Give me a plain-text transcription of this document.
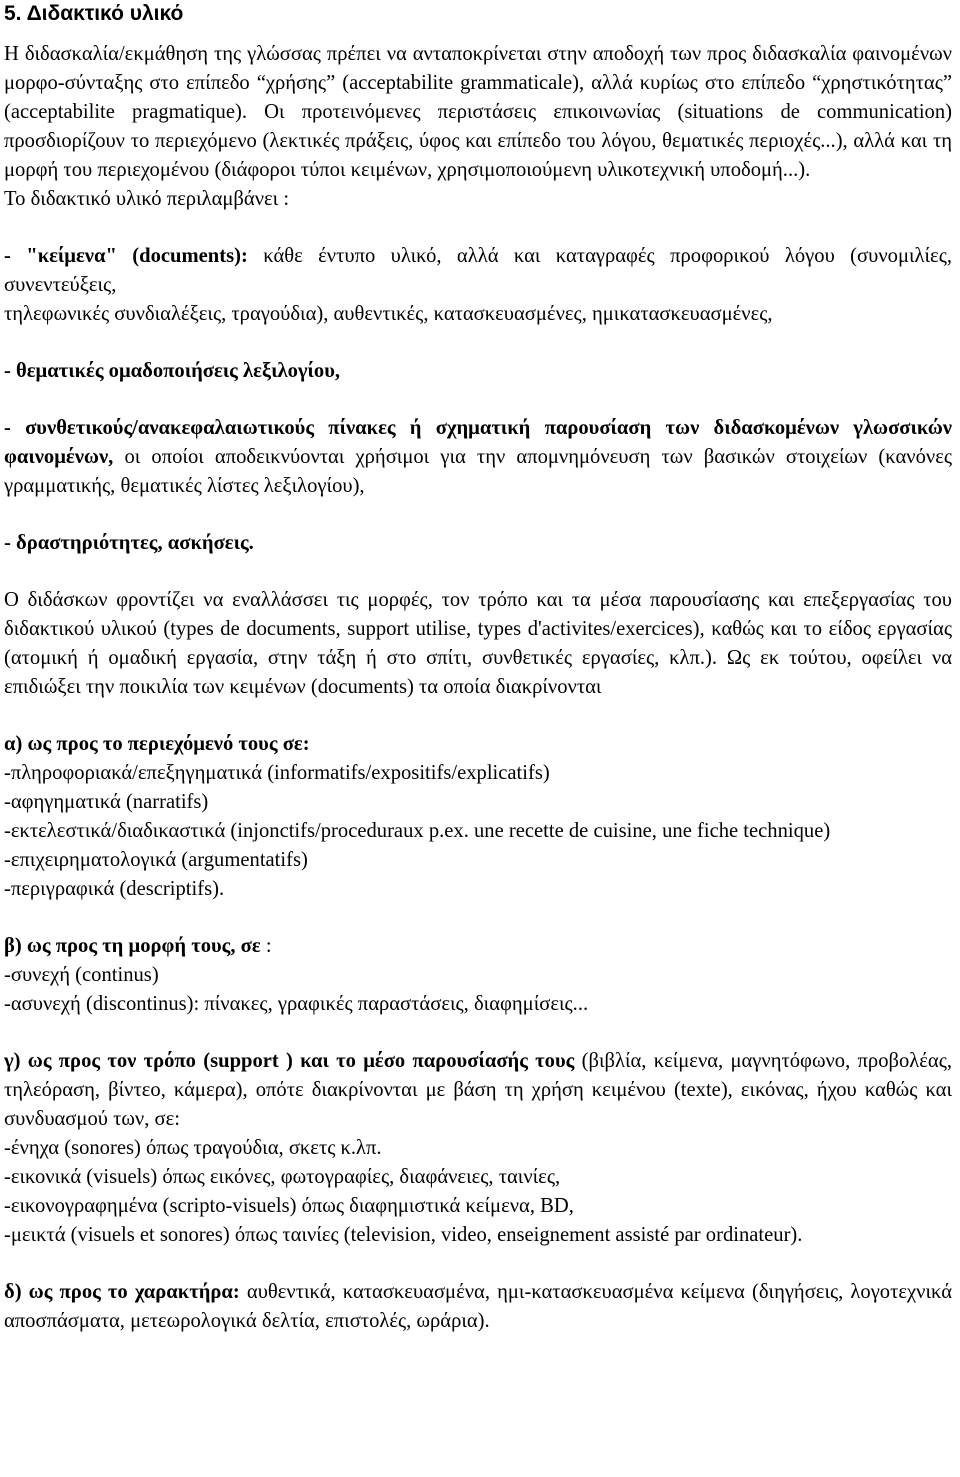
5. Διδακτικό υλικό

Η διδασκαλία/εκμάθηση της γλώσσας πρέπει να ανταποκρίνεται στην αποδοχή των προς διδασκαλία φαινομένων μορφο-σύνταξης στο επίπεδο “χρήσης” (acceptabilite grammaticale), αλλά κυρίως στο επίπεδο “χρηστικότητας” (acceptabilite pragmatique). Οι προτεινόμενες περιστάσεις επικοινωνίας (situations de communication) προσδιορίζουν το περιεχόμενο (λεκτικές πράξεις, ύφος και επίπεδο του λόγου, θεματικές περιοχές...), αλλά και τη μορφή του περιεχομένου (διάφοροι τύποι κειμένων, χρησιμοποιούμενη υλικοτεχνική υποδομή...).
Το διδακτικό υλικό περιλαμβάνει :

- "κείμενα" (documents): κάθε έντυπο υλικό, αλλά και καταγραφές προφορικού λόγου (συνομιλίες, συνεντεύξεις,
τηλεφωνικές συνδιαλέξεις, τραγούδια), αυθεντικές, κατασκευασμένες, ημικατασκευασμένες,

- θεματικές ομαδοποιήσεις λεξιλογίου,

- συνθετικούς/ανακεφαλαιωτικούς πίνακες ή σχηματική παρουσίαση των διδασκομένων γλωσσικών φαινομένων, οι οποίοι αποδεικνύονται χρήσιμοι για την απομνημόνευση των βασικών στοιχείων (κανόνες γραμματικής, θεματικές λίστες λεξιλογίου),

- δραστηριότητες, ασκήσεις.

Ο διδάσκων φροντίζει να εναλλάσσει τις μορφές, τον τρόπο και τα μέσα παρουσίασης και επεξεργασίας του διδακτικού υλικού (types de documents, support utilise, types d'activites/exercices), καθώς και το είδος εργασίας (ατομική ή ομαδική εργασία, στην τάξη ή στο σπίτι, συνθετικές εργασίες, κλπ.). Ως εκ τούτου, οφείλει να επιδιώξει την ποικιλία των κειμένων (documents) τα οποία διακρίνονται

α) ως προς το περιεχόμενό τους σε:

-πληροφοριακά/επεξηγηματικά (informatifs/expositifs/explicatifs)

-αφηγηματικά (narratifs)

-εκτελεστικά/διαδικαστικά (injonctifs/proceduraux p.ex. une recette de cuisine, une fiche technique)

-επιχειρηματολογικά (argumentatifs)

-περιγραφικά (descriptifs).

β) ως προς τη μορφή τους, σε :

-συνεχή (continus)

-ασυνεχή (discontinus): πίνακες, γραφικές παραστάσεις, διαφημίσεις...

γ) ως προς τον τρόπο (support ) και το μέσο παρουσίασής τους (βιβλία, κείμενα, μαγνητόφωνο, προβολέας, τηλεόραση, βίντεο, κάμερα), οπότε διακρίνονται με βάση τη χρήση κειμένου (texte), εικόνας, ήχου καθώς και συνδυασμού των, σε:

-ένηχα (sonores) όπως τραγούδια, σκετς κ.λπ.

-εικονικά (visuels) όπως εικόνες, φωτογραφίες, διαφάνειες, ταινίες,

-εικονογραφημένα (scripto-visuels) όπως διαφημιστικά κείμενα, BD,

-μεικτά (visuels et sonores) όπως ταινίες (television, video, enseignement assisté par ordinateur).

δ) ως προς το χαρακτήρα: αυθεντικά, κατασκευασμένα, ημι-κατασκευασμένα κείμενα (διηγήσεις, λογοτεχνικά αποσπάσματα, μετεωρολογικά δελτία, επιστολές, ωράρια).
